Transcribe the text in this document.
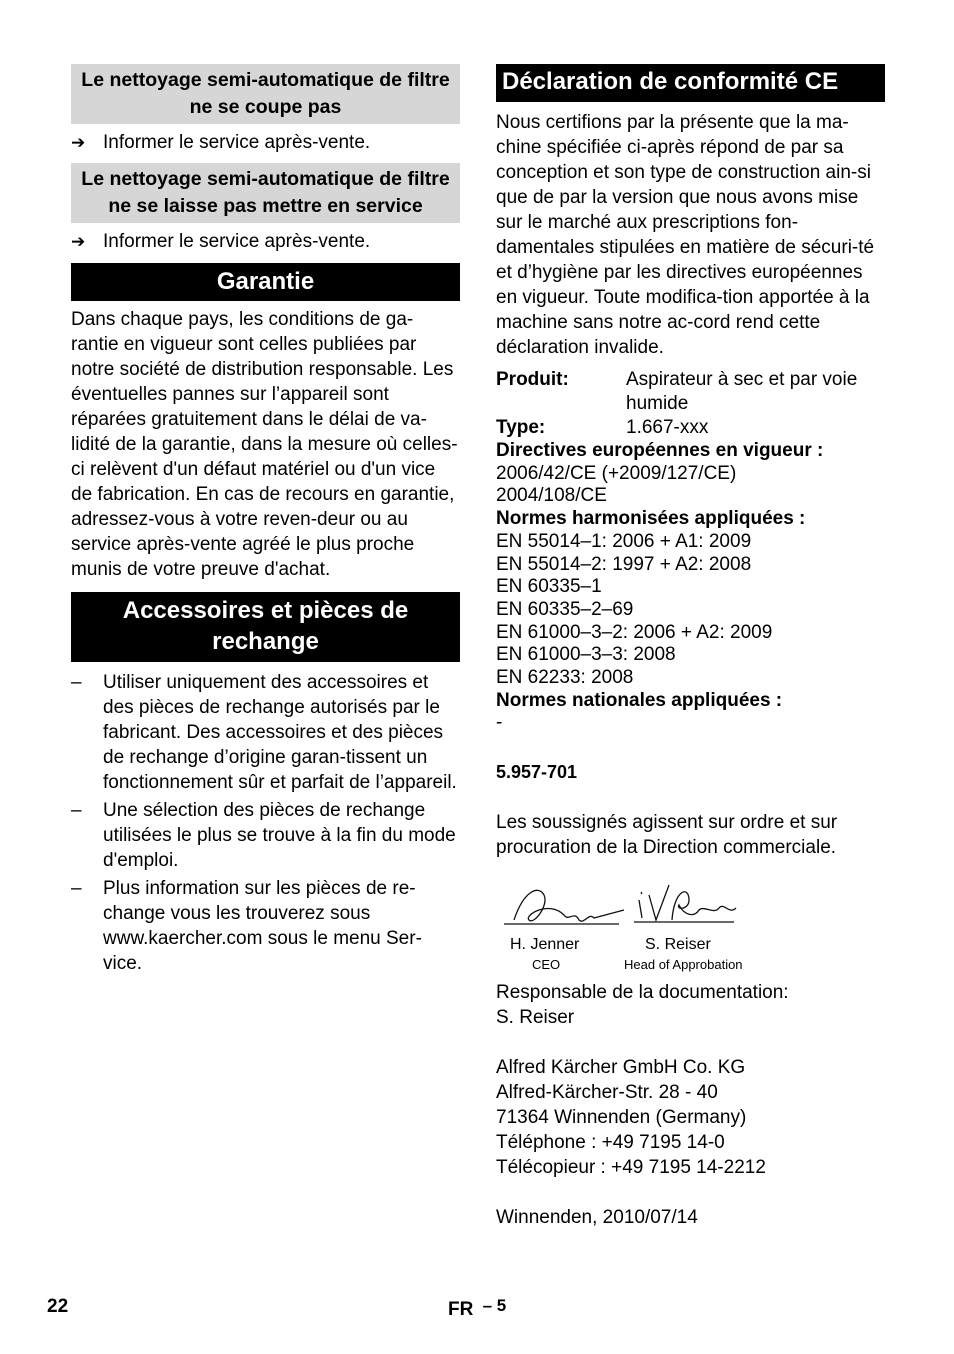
Le nettoyage semi-automatique de filtre ne se coupe pas
➔ Informer le service après-vente.
Le nettoyage semi-automatique de filtre ne se laisse pas mettre en service
➔ Informer le service après-vente.
Garantie

Dans chaque pays, les conditions de ga-rantie en vigueur sont celles publiées par notre société de distribution responsable. Les éventuelles pannes sur l’appareil sont réparées gratuitement dans le délai de va-lidité de la garantie, dans la mesure où celles-ci relèvent d'un défaut matériel ou d'un vice de fabrication. En cas de recours en garantie, adressez-vous à votre reven-deur ou au service après-vente agréé le plus proche munis de votre preuve d'achat.

Accessoires et pièces de rechange
–	Utiliser uniquement des accessoires et des pièces de rechange autorisés par le fabricant. Des accessoires et des pièces de rechange d’origine garan-tissent un fonctionnement sûr et parfait de l’appareil.
–	Une sélection des pièces de rechange utilisées le plus se trouve à la fin du mode d'emploi.
–	Plus information sur les pièces de re-change vous les trouverez sous www.kaercher.com sous le menu Ser-vice.
Déclaration de conformité CE

Nous certifions par la présente que la ma-chine spécifiée ci-après répond de par sa conception et son type de construction ain-si que de par la version que nous avons mise sur le marché aux prescriptions fon-damentales stipulées en matière de sécuri-té et d’hygiène par les directives européennes en vigueur. Toute modifica-tion apportée à la machine sans notre ac-cord rend cette déclaration invalide.

Produit:	Aspirateur à sec et par voie humide
Type:	1.667-xxx
Directives européennes en vigueur :
2006/42/CE (+2009/127/CE)
2004/108/CE
Normes harmonisées appliquées :
EN 55014–1: 2006 + A1: 2009
EN 55014–2: 1997 + A2: 2008
EN 60335–1
EN 60335–2–69
EN 61000–3–2: 2006 + A2: 2009
EN 61000–3–3: 2008
EN 62233: 2008
Normes nationales appliquées :
-
5.957-701

Les soussignés agissent sur ordre et sur procuration de la Direction commerciale.

H. Jenner
CEO
S. Reiser
Head of Approbation

Responsable de la documentation:

S. Reiser

Alfred Kärcher GmbH Co. KG

Alfred-Kärcher-Str. 28 - 40

71364 Winnenden (Germany)

Téléphone : +49 7195 14-0

Télécopieur : +49 7195 14-2212

Winnenden, 2010/07/14

22	FR – 5
